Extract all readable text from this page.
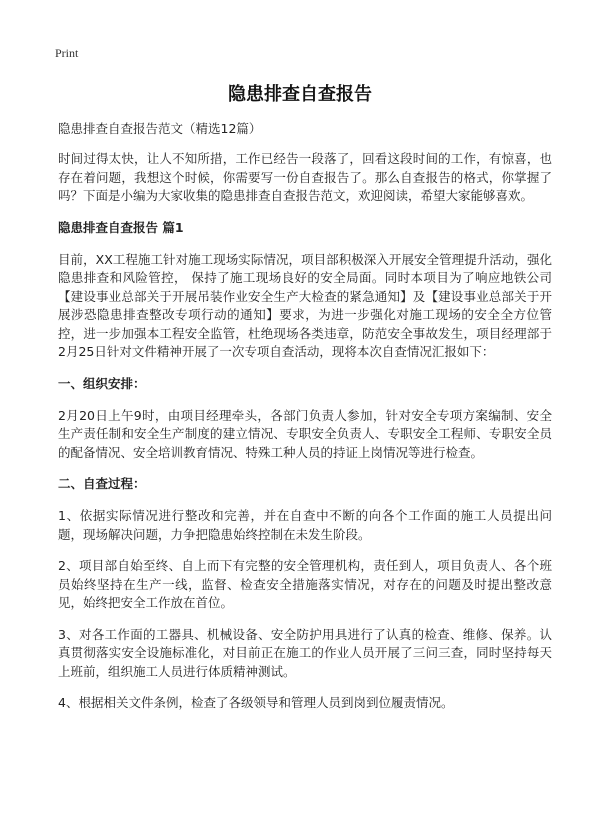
Print
隐患排查自查报告

隐患排查自查报告范文（精选12篇）

时间过得太快，让人不知所措，工作已经告一段落了，回看这段时间的工作，有惊喜，也存在着问题，我想这个时候，你需要写一份自查报告了。那么自查报告的格式，你掌握了吗？下面是小编为大家收集的隐患排查自查报告范文，欢迎阅读，希望大家能够喜欢。

隐患排查自查报告 篇1

目前，XX工程施工针对施工现场实际情况，项目部积极深入开展安全管理提升活动，强化隐患排查和风险管控， 保持了施工现场良好的安全局面。同时本项目为了响应地铁公司【建设事业总部关于开展吊装作业安全生产大检查的紧急通知】及【建设事业总部关于开展涉恐隐患排查整改专项行动的通知】要求，为进一步强化对施工现场的安全全方位管控，进一步加强本工程安全监管，杜绝现场各类违章，防范安全事故发生，项目经理部于2月25日针对文件精神开展了一次专项自查活动，现将本次自查情况汇报如下：

一、组织安排：

2月20日上午9时，由项目经理牵头，各部门负责人参加，针对安全专项方案编制、安全生产责任制和安全生产制度的建立情况、专职安全负责人、专职安全工程师、专职安全员的配备情况、安全培训教育情况、特殊工种人员的持证上岗情况等进行检查。

二、自查过程：

1、依据实际情况进行整改和完善，并在自查中不断的向各个工作面的施工人员提出问题，现场解决问题，力争把隐患始终控制在未发生阶段。

2、项目部自始至终、自上而下有完整的安全管理机构，责任到人，项目负责人、各个班员始终坚持在生产一线，监督、检查安全措施落实情况，对存在的问题及时提出整改意见，始终把安全工作放在首位。

3、对各工作面的工器具、机械设备、安全防护用具进行了认真的检查、维修、保养。认真贯彻落实安全设施标准化，对目前正在施工的作业人员开展了三问三查，同时坚持每天上班前，组织施工人员进行体质精神测试。

4、根据相关文件条例，检查了各级领导和管理人员到岗到位履责情况。
